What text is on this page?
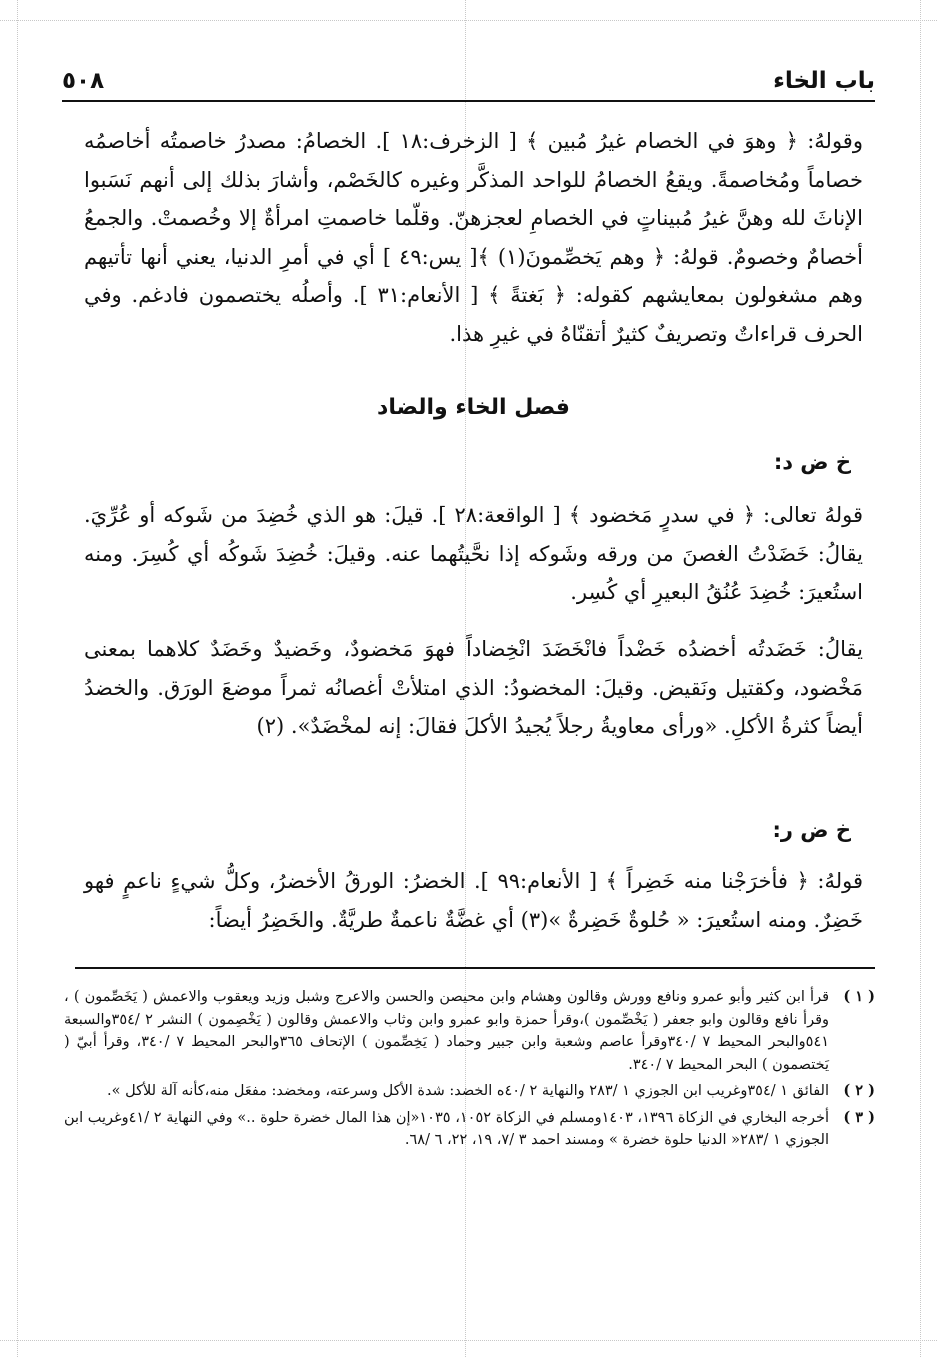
باب الخاء
٥٠٨

وقولهُ: ﴿ وهوَ في الخصام غيرُ مُبين ﴾ [ الزخرف:١٨ ]. الخصامُ: مصدرُ خاصمتُه أخاصمُه خصاماً ومُخاصمةً. ويقعُ الخصامُ للواحد المذكَّر وغيره كالخَصْم، وأشارَ بذلك إلى أنهم نَسَبوا الإناثَ لله وهنَّ غيرُ مُبيناتٍ في الخصامِ لعجزهنّ. وقلّما خاصمتِ امرأةٌ إلا وخُصمتْ. والجمعُ أخصامٌ وخصومٌ. قولهُ: ﴿ وهم يَخصِّمونَ(١) ﴾[ يس:٤٩ ] أي في أمرِ الدنيا، يعني أنها تأتيهم وهم مشغولون بمعايشهم كقوله: ﴿ بَغتةً ﴾ [ الأنعام:٣١ ]. وأصلُه يختصمون فادغم. وفي الحرف قراءاتٌ وتصريفٌ كثيرٌ أتقنّاهُ في غيرِ هذا.

فصل الخاء والضاد
خ ض د:

قولهُ تعالى: ﴿ في سدرٍ مَخضود ﴾ [ الواقعة:٢٨ ]. قيلَ: هو الذي خُضِدَ من شَوكه أو عُرِّيَ. يقالُ: خَضَدْتُ الغصنَ من ورقه وشَوكه إذا نحَّيتُهما عنه. وقيلَ: خُضِدَ شَوكُه أي كُسِرَ. ومنه استُعيرَ: خُضِدَ عُنُقُ البعيرِ أي كُسِر.

يقالُ: خَضَدتُه أخضدُه خَضْداً فانْخَضَدَ انْخِضاداً فهوَ مَخضودٌ، وخَضيدٌ وخَضَدٌ كلاهما بمعنى مَخْضود، وكقتيل ونَقيض. وقيلَ: المخضودُ: الذي امتلأتْ أغصانُه ثمراً موضعَ الورَق. والخضدُ أيضاً كثرةُ الأكلِ. «ورأى معاويةُ رجلاً يُجيدُ الأكلَ فقالَ: إنه لمخْضَدٌ». (٢)

خ ض ر:

قولهُ: ﴿ فأخرَجْنا منه خَضِراً ﴾ [ الأنعام:٩٩ ]. الخضرُ: الورقُ الأخضرُ، وكلُّ شيءٍ ناعمٍ فهو خَضِرٌ. ومنه استُعيرَ: « حُلوةٌ خَضِرةٌ »(٣) أي غضَّةٌ ناعمةٌ طريَّةٌ. والخَضِرُ أيضاً:

( ١ )
قرأ ابن كثير وأبو عمرو ونافع وورش وقالون وهشام وابن محيصن والحسن والاعرج وشبل وزيد ويعقوب والاعمش ( يَخَصِّمون ) ، وقرأ نافع وقالون وابو جعفر ( يَخْصِّمون )،وقرأ حمزة وابو عمرو وابن وثاب والاعمش وقالون ( يَخْصِمون ) النشر ٢ /٣٥٤والسبعة ٥٤١والبحر المحيط ٧ /٣٤٠وقرأ عاصم وشعبة وابن جبير وحماد ( يَخِصِّمون ) الإتحاف ٣٦٥والبحر المحيط ٧ /٣٤٠، وقرأ أبيّ ( يَختصمون ) البحر المحيط ٧ /٣٤٠.
( ٢ )
الفائق ١ /٣٥٤وغريب ابن الجوزي ١ /٢٨٣ والنهاية ٢ /٤٠ه الخضد: شدة الأكل وسرعته، ومخضد: مفعَل منه،كأنه آلة للأكل ».
( ٣ )
أخرجه البخاري في الزكاة ١٣٩٦، ١٤٠٣ومسلم في الزكاة ١٠٥٢، ١٠٣٥«إن هذا المال خضرة حلوة ..» وفي النهاية ٢ /٤١وغريب ابن الجوزي ١ /٢٨٣« الدنيا حلوة خضرة » ومسند احمد ٣ /٧، ١٩، ٢٢، ٦ /٦٨.
